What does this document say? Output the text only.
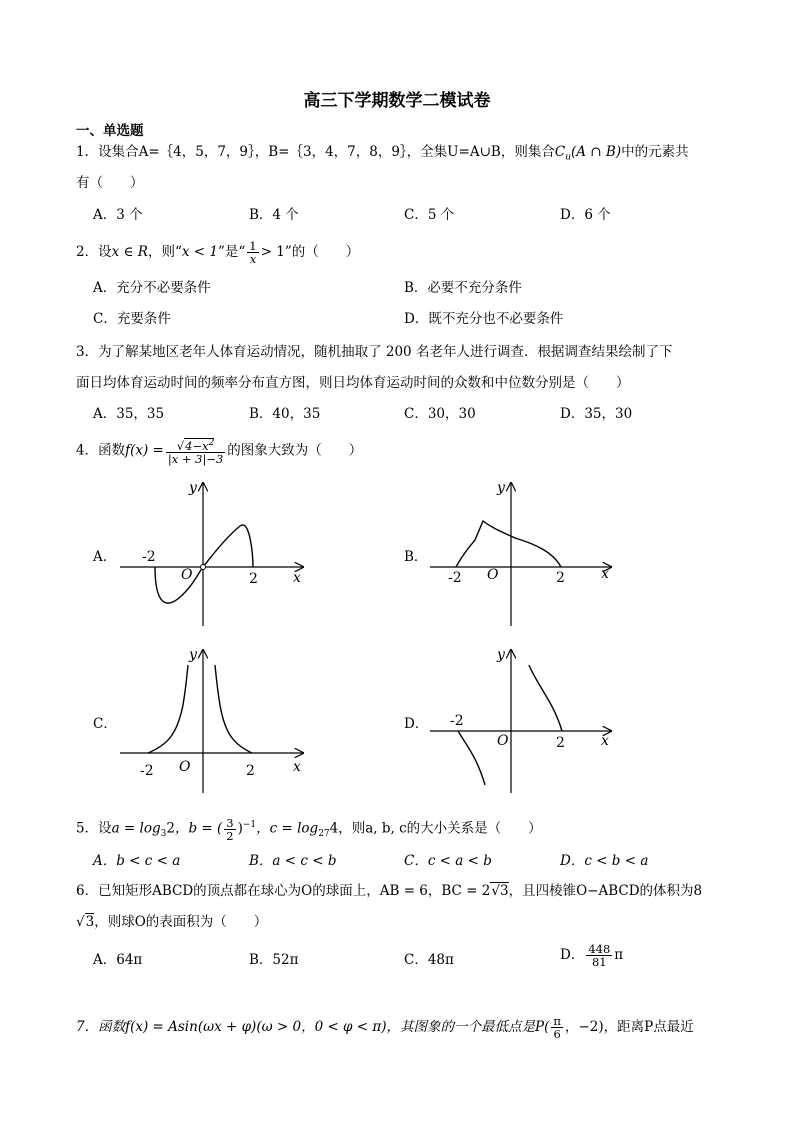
高三下学期数学二模试卷
一、单选题
1．设集合A=｛4，5，7，9｝，B=｛3，4，7，8，9｝，全集U=A∪B，则集合$C_u(A$ ∩ B)中的元素共
有（　　）
A．3 个	B．4 个	C．5 个	D．6 个
2．设x ∈ R，则“x < 1”是“ $\frac{1}{x} > 1$”的（　　）
A．充分不必要条件	B．必要不充分条件
C．充要条件	D．既不充分也不必要条件
3．为了解某地区老年人体育运动情况，随机抽取了 200 名老年人进行调查．根据调查结果绘制了下
面日均体育运动时间的频率分布直方图，则日均体育运动时间的众数和中位数分别是（　　）
A．35，35	B．40，35	C．30，30	D．35，30
4．函数$f(x) = \frac{√4-x^2}{|x + 3|-3}$ 的图象大致为（　　）
A．	B．
C．	D．
-2
2
O
y
x	-2	2
O
y
x
-2	2
O
y
x
-2
2
O
y
x
5．设$a = \log_32$，b = ( $\frac{3}{2} )^{-1}$，$c = \log_{27}4$，则a, b, c的大小关系是（　　）
A．b < c < a	B．a < c < b	C．c < a < b	D．c < b < a
6．已知矩形ABCD的顶点都在球心为O的球面上，AB = 6，BC = 2√3，且四棱锥O−ABCD的体积为8
√3，则球O的表面积为（　　）
A．64π	B．52π	C．48π	D． $\frac{448}{81}$ π
7．函数f(x) = Asin(ωx + φ)(ω > 0，0 < φ < π)，其图象的一个最低点是$P( \frac{\pi}{6}$ ，−2)，距离P点最近
